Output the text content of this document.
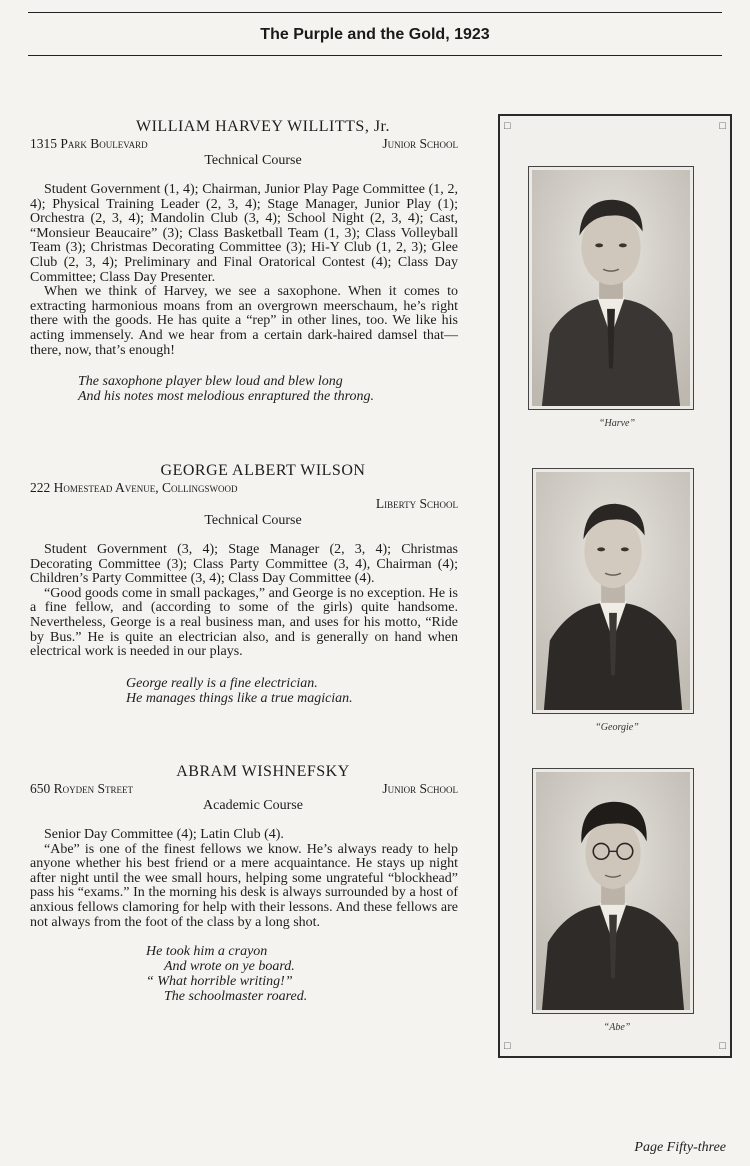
The Purple and the Gold, 1923
WILLIAM HARVEY WILLITTS, Jr.
1315 Park Boulevard	Junior School
Technical Course

Student Government (1, 4); Chairman, Junior Play Page Committee (1, 2, 4); Physical Training Leader (2, 3, 4); Stage Manager, Junior Play (1); Orchestra (2, 3, 4); Mandolin Club (3, 4); School Night (2, 3, 4); Cast, “Monsieur Beaucaire” (3); Class Basketball Team (1, 3); Class Volleyball Team (3); Christmas Decorating Committee (3); Hi-Y Club (1, 2, 3); Glee Club (2, 3, 4); Preliminary and Final Oratorical Contest (4); Class Day Committee; Class Day Presenter.

When we think of Harvey, we see a saxophone. When it comes to extracting harmonious moans from an overgrown meerschaum, he’s right there with the goods. He has quite a “rep” in other lines, too. We like his acting immensely. And we hear from a certain dark-haired damsel that—there, now, that’s enough!

The saxophone player blew loud and blew long
And his notes most melodious enraptured the throng.
GEORGE ALBERT WILSON
222 Homestead Avenue, Collingswood
Liberty School
Technical Course

Student Government (3, 4); Stage Manager (2, 3, 4); Christmas Decorating Committee (3); Class Party Committee (3, 4), Chairman (4); Children’s Party Committee (3, 4); Class Day Committee (4).

“Good goods come in small packages,” and George is no exception. He is a fine fellow, and (according to some of the girls) quite handsome. Nevertheless, George is a real business man, and uses for his motto, “Ride by Bus.” He is quite an electrician also, and is generally on hand when electrical work is needed in our plays.

George really is a fine electrician.
He manages things like a true magician.
ABRAM WISHNEFSKY
650 Royden Street	Junior School
Academic Course

Senior Day Committee (4); Latin Club (4).

“Abe” is one of the finest fellows we know. He’s always ready to help anyone whether his best friend or a mere acquaintance. He stays up night after night until the wee small hours, helping some ungrateful “blockhead” pass his “exams.” In the morning his desk is always surrounded by a host of anxious fellows clamoring for help with their lessons. And these fellows are not always from the foot of the class by a long shot.

He took him a crayon
And wrote on ye board.
“ What horrible writing!”
The schoolmaster roared.
□	□
□	□
“Harve”
“Georgie”
“Abe”
Page Fifty-three
